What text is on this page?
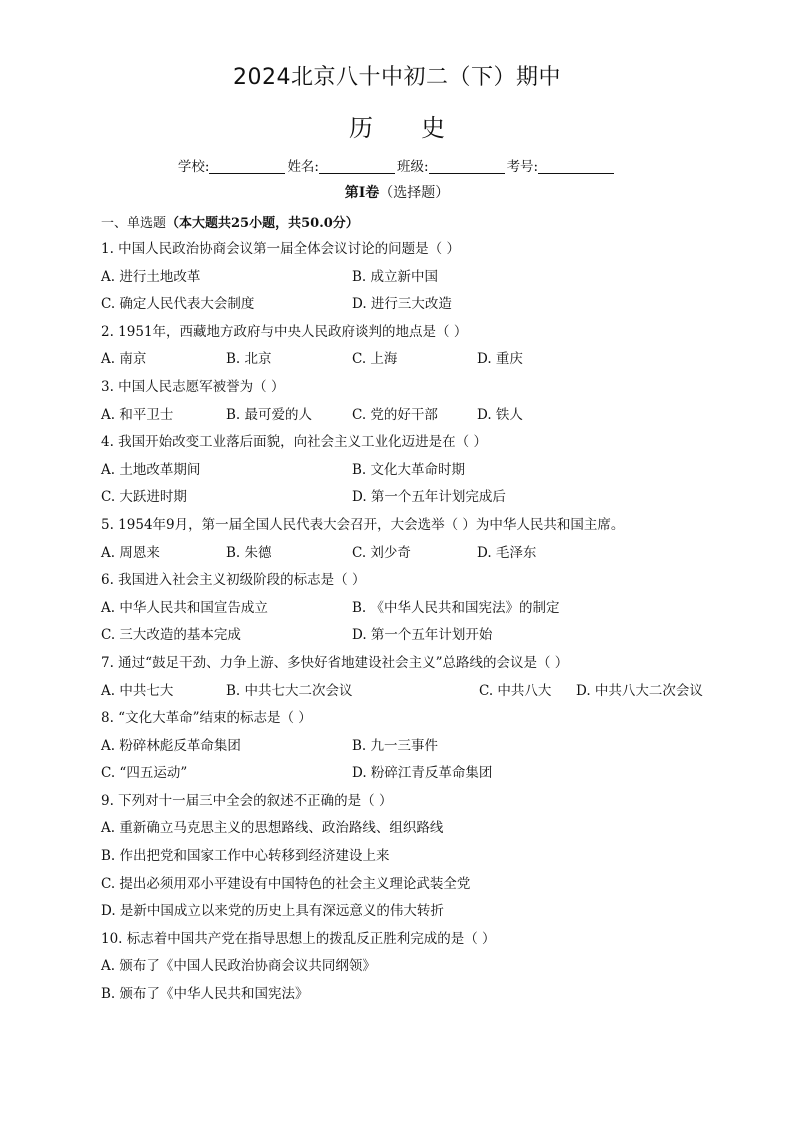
2024北京八十中初二（下）期中
历 史
学校:	姓名:	班级:	考号:
第Ⅰ卷（选择题）
一、单选题（本大题共25小题，共50.0分）
1. 中国人民政治协商会议第一届全体会议讨论的问题是（ ）
A. 进行土地改革	B. 成立新中国
C. 确定人民代表大会制度	D. 进行三大改造
2. 1951年，西藏地方政府与中央人民政府谈判的地点是（ ）
A. 南京	B. 北京	C. 上海	D. 重庆
3. 中国人民志愿军被誉为（ ）
A. 和平卫士	B. 最可爱的人	C. 党的好干部	D. 铁人
4. 我国开始改变工业落后面貌，向社会主义工业化迈进是在（ ）
A. 土地改革期间	B. 文化大革命时期
C. 大跃进时期	D. 第一个五年计划完成后
5. 1954年9月，第一届全国人民代表大会召开，大会选举（ ）为中华人民共和国主席。
A. 周恩来	B. 朱德	C. 刘少奇	D. 毛泽东
6. 我国进入社会主义初级阶段的标志是（ ）
A. 中华人民共和国宣告成立	B. 《中华人民共和国宪法》的制定
C. 三大改造的基本完成	D. 第一个五年计划开始
7. 通过“鼓足干劲、力争上游、多快好省地建设社会主义”总路线的会议是（ ）
A. 中共七大	B. 中共七大二次会议	C. 中共八大 D. 中共八大二次会议
8. “文化大革命”结束的标志是（ ）
A. 粉碎林彪反革命集团	B. 九一三事件
C. “四五运动”	D. 粉碎江青反革命集团
9. 下列对十一届三中全会的叙述不正确的是（ ）
A. 重新确立马克思主义的思想路线、政治路线、组织路线
B. 作出把党和国家工作中心转移到经济建设上来
C. 提出必须用邓小平建设有中国特色的社会主义理论武装全党
D. 是新中国成立以来党的历史上具有深远意义的伟大转折
10. 标志着中国共产党在指导思想上的拨乱反正胜利完成的是（ ）
A. 颁布了《中国人民政治协商会议共同纲领》
B. 颁布了《中华人民共和国宪法》
